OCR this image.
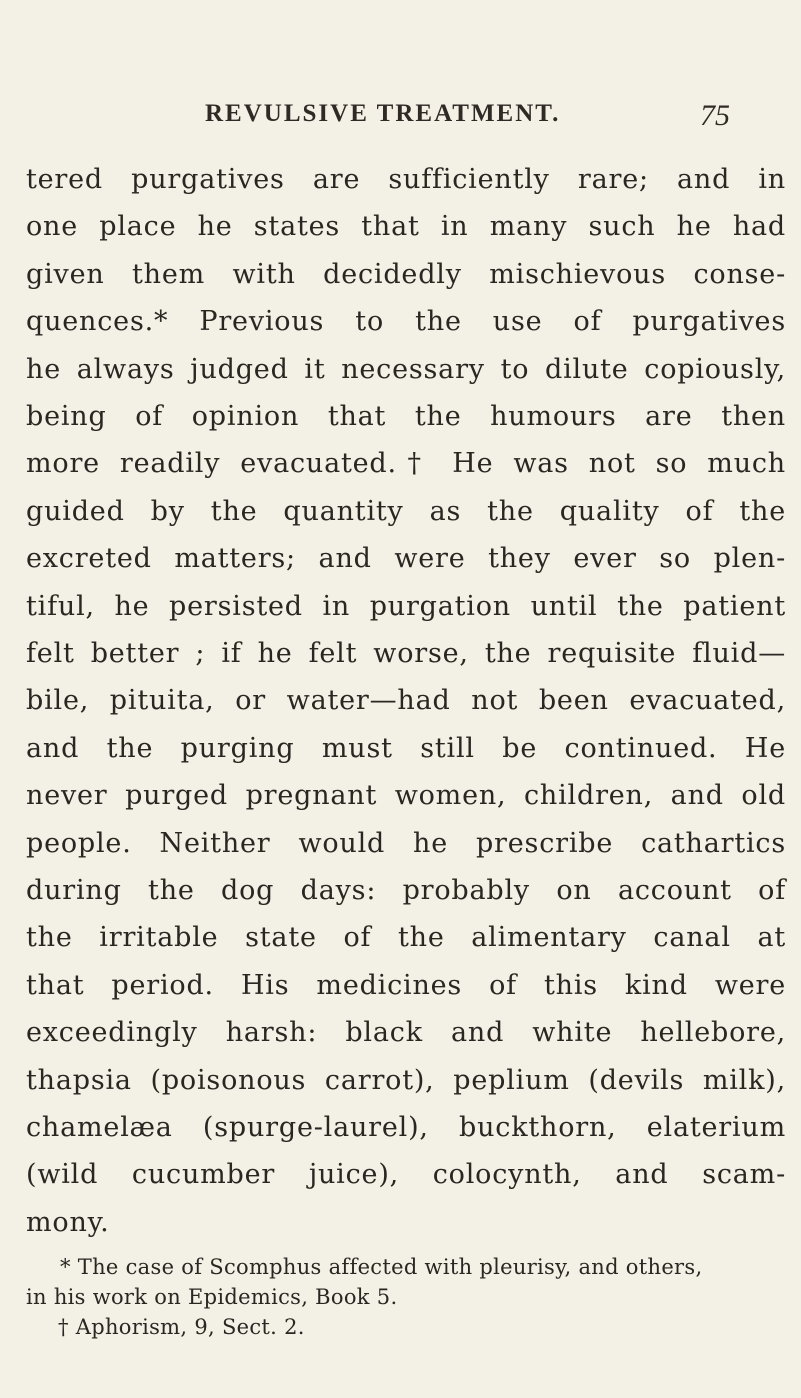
REVULSIVE TREATMENT.	75
tered purgatives are sufficiently rare; and in
one place he states that in many such he had
given them with decidedly mischievous conse-
quences.* Previous to the use of purgatives
he always judged it necessary to dilute copiously,
being of opinion that the humours are then
more readily evacuated.† He was not so much
guided by the quantity as the quality of the
excreted matters; and were they ever so plen-
tiful, he persisted in purgation until the patient
felt better ; if he felt worse, the requisite fluid—
bile, pituita, or water—had not been evacuated,
and the purging must still be continued. He
never purged pregnant women, children, and old
people. Neither would he prescribe cathartics
during the dog days: probably on account of
the irritable state of the alimentary canal at
that period. His medicines of this kind were
exceedingly harsh: black and white hellebore,
thapsia (poisonous carrot), peplium (devils milk),
chamelæa (spurge-laurel), buckthorn, elaterium
(wild cucumber juice), colocynth, and scam-
mony.
* The case of Scomphus affected with pleurisy, and others,
in his work on Epidemics, Book 5.
† Aphorism, 9, Sect. 2.
